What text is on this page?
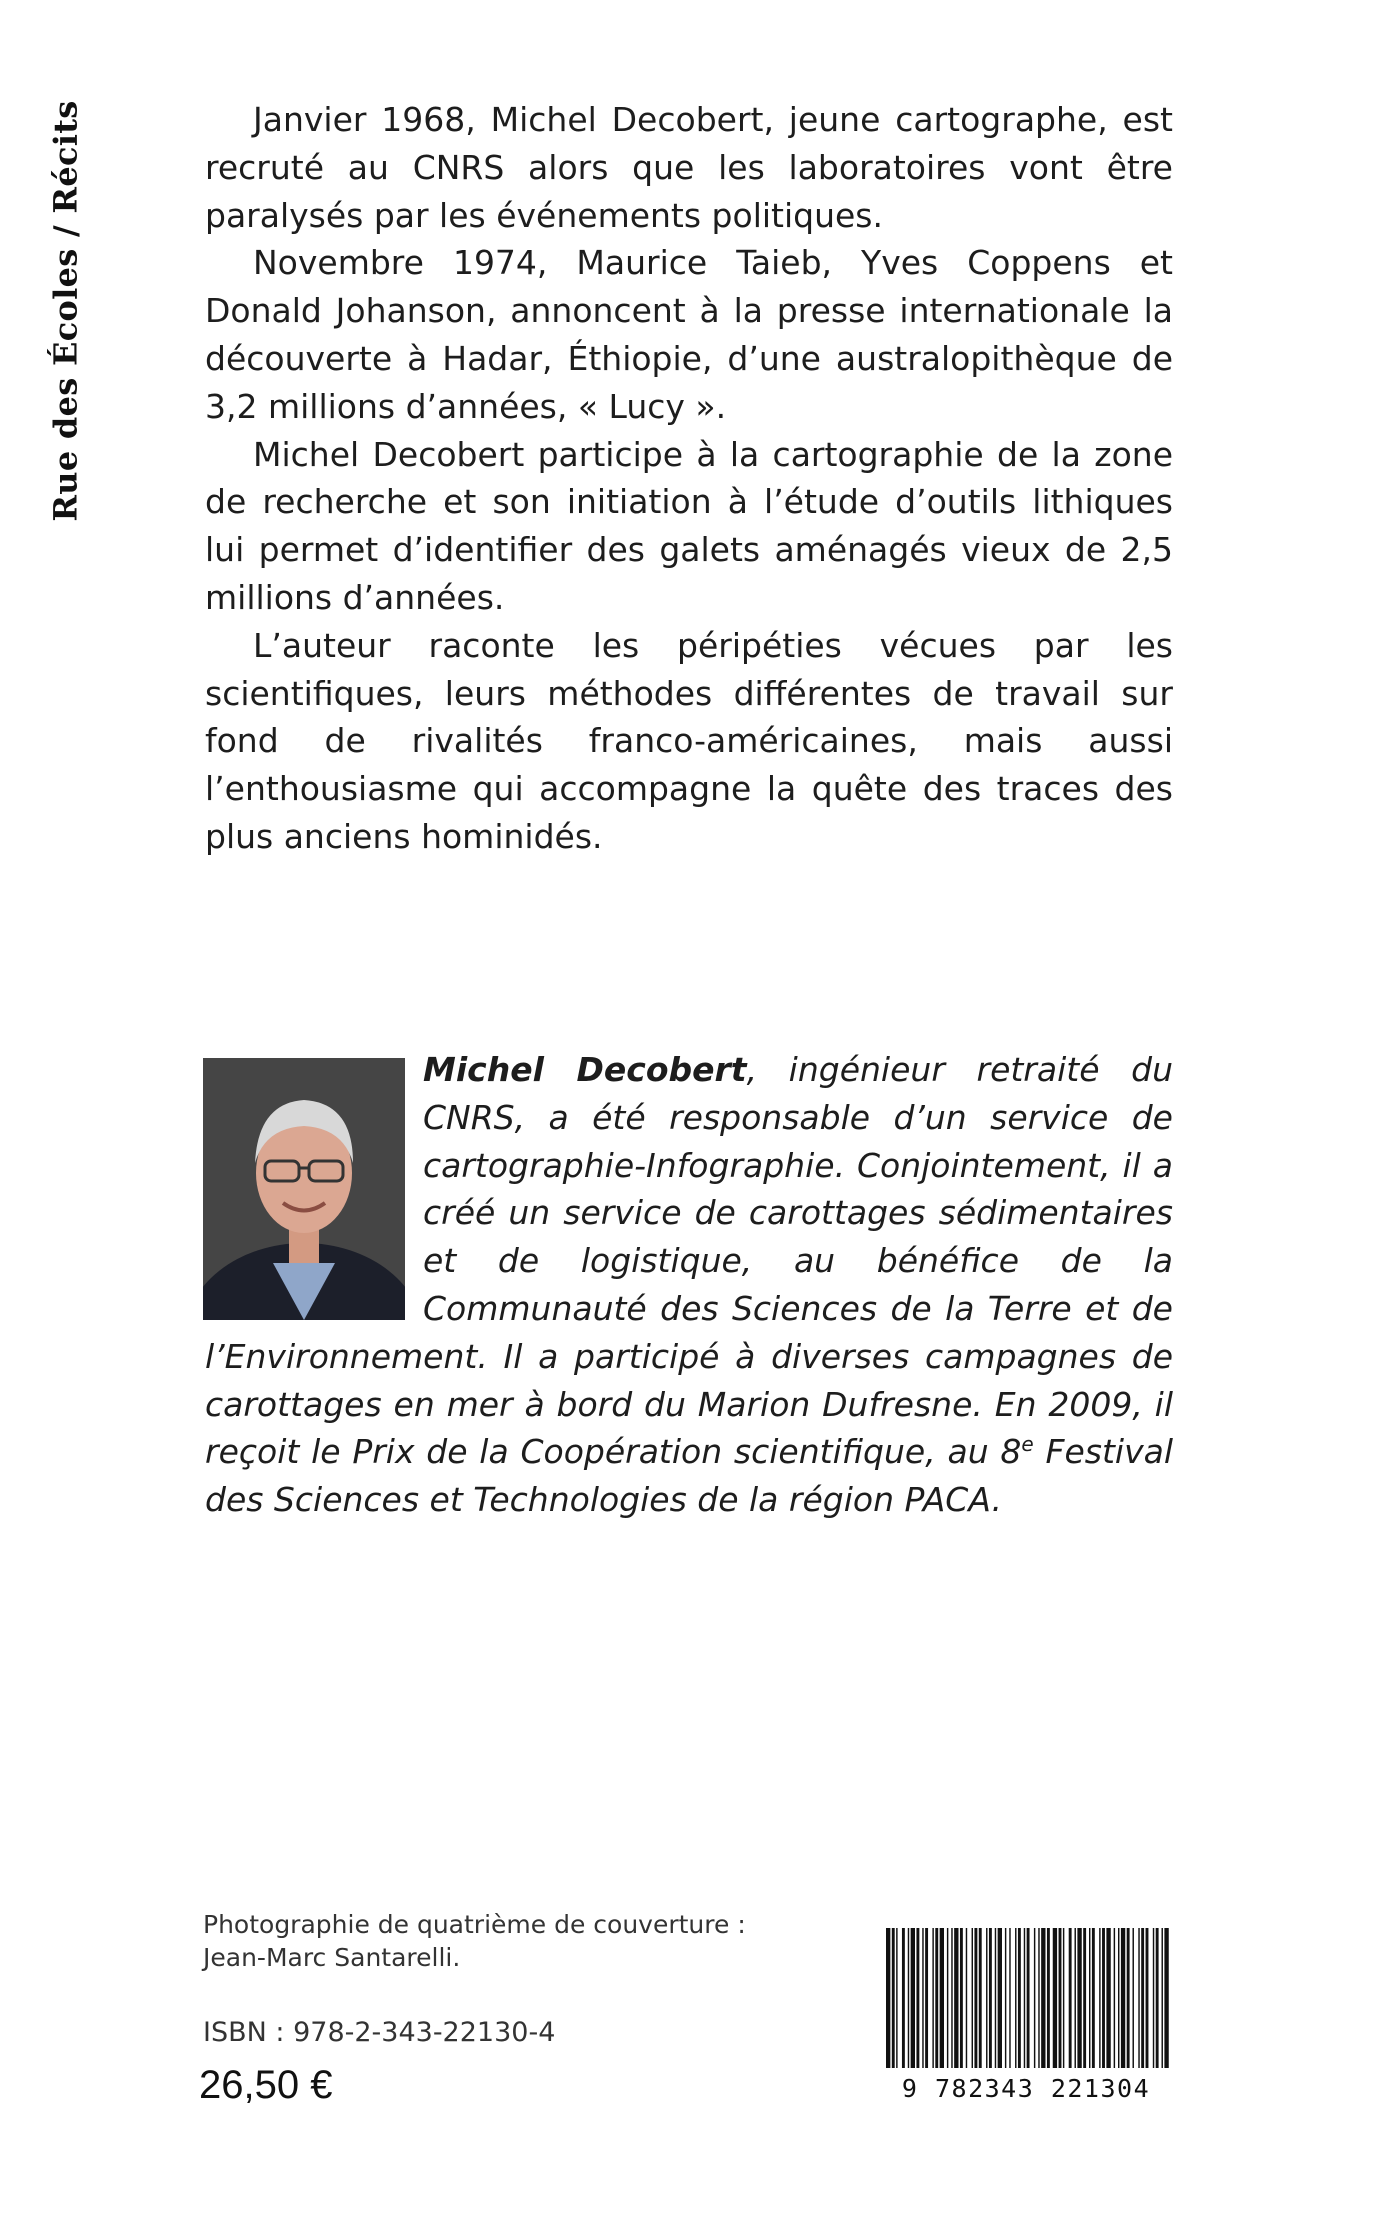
Rue des Écoles / Récits	Janvier 1968, Michel Decobert, jeune cartographe, est recruté au CNRS alors que les laboratoires vont être paralysés par les événements politiques.

Novembre 1974, Maurice Taieb, Yves Coppens et Donald Johanson, annoncent à la presse internationale la découverte à Hadar, Éthiopie, d’une australopithèque de 3,2 millions d’années, « Lucy ».

Michel Decobert participe à la cartographie de la zone de recherche et son initiation à l’étude d’outils lithiques lui permet d’identifier des galets aménagés vieux de 2,5 millions d’années.

L’auteur raconte les péripéties vécues par les scientifiques, leurs méthodes différentes de travail sur fond de rivalités franco-américaines, mais aussi l’enthousiasme qui accompagne la quête des traces des plus anciens hominidés.

Michel Decobert, ingénieur retraité du CNRS, a été responsable d’un service de cartographie-Infographie. Conjointement, il a créé un service de carottages sédimentaires et de logistique, au bénéfice de la Communauté des Sciences de la Terre et de l’Environnement. Il a participé à diverses campagnes de carottages en mer à bord du Marion Dufresne. En 2009, il reçoit le Prix de la Coopération scientifique, au 8e Festival des Sciences et Technologies de la région PACA.
Photographie de quatrième de couverture :
Jean-Marc Santarelli.
ISBN : 978-2-343-22130-4
26,50 €	9 782343 221304
